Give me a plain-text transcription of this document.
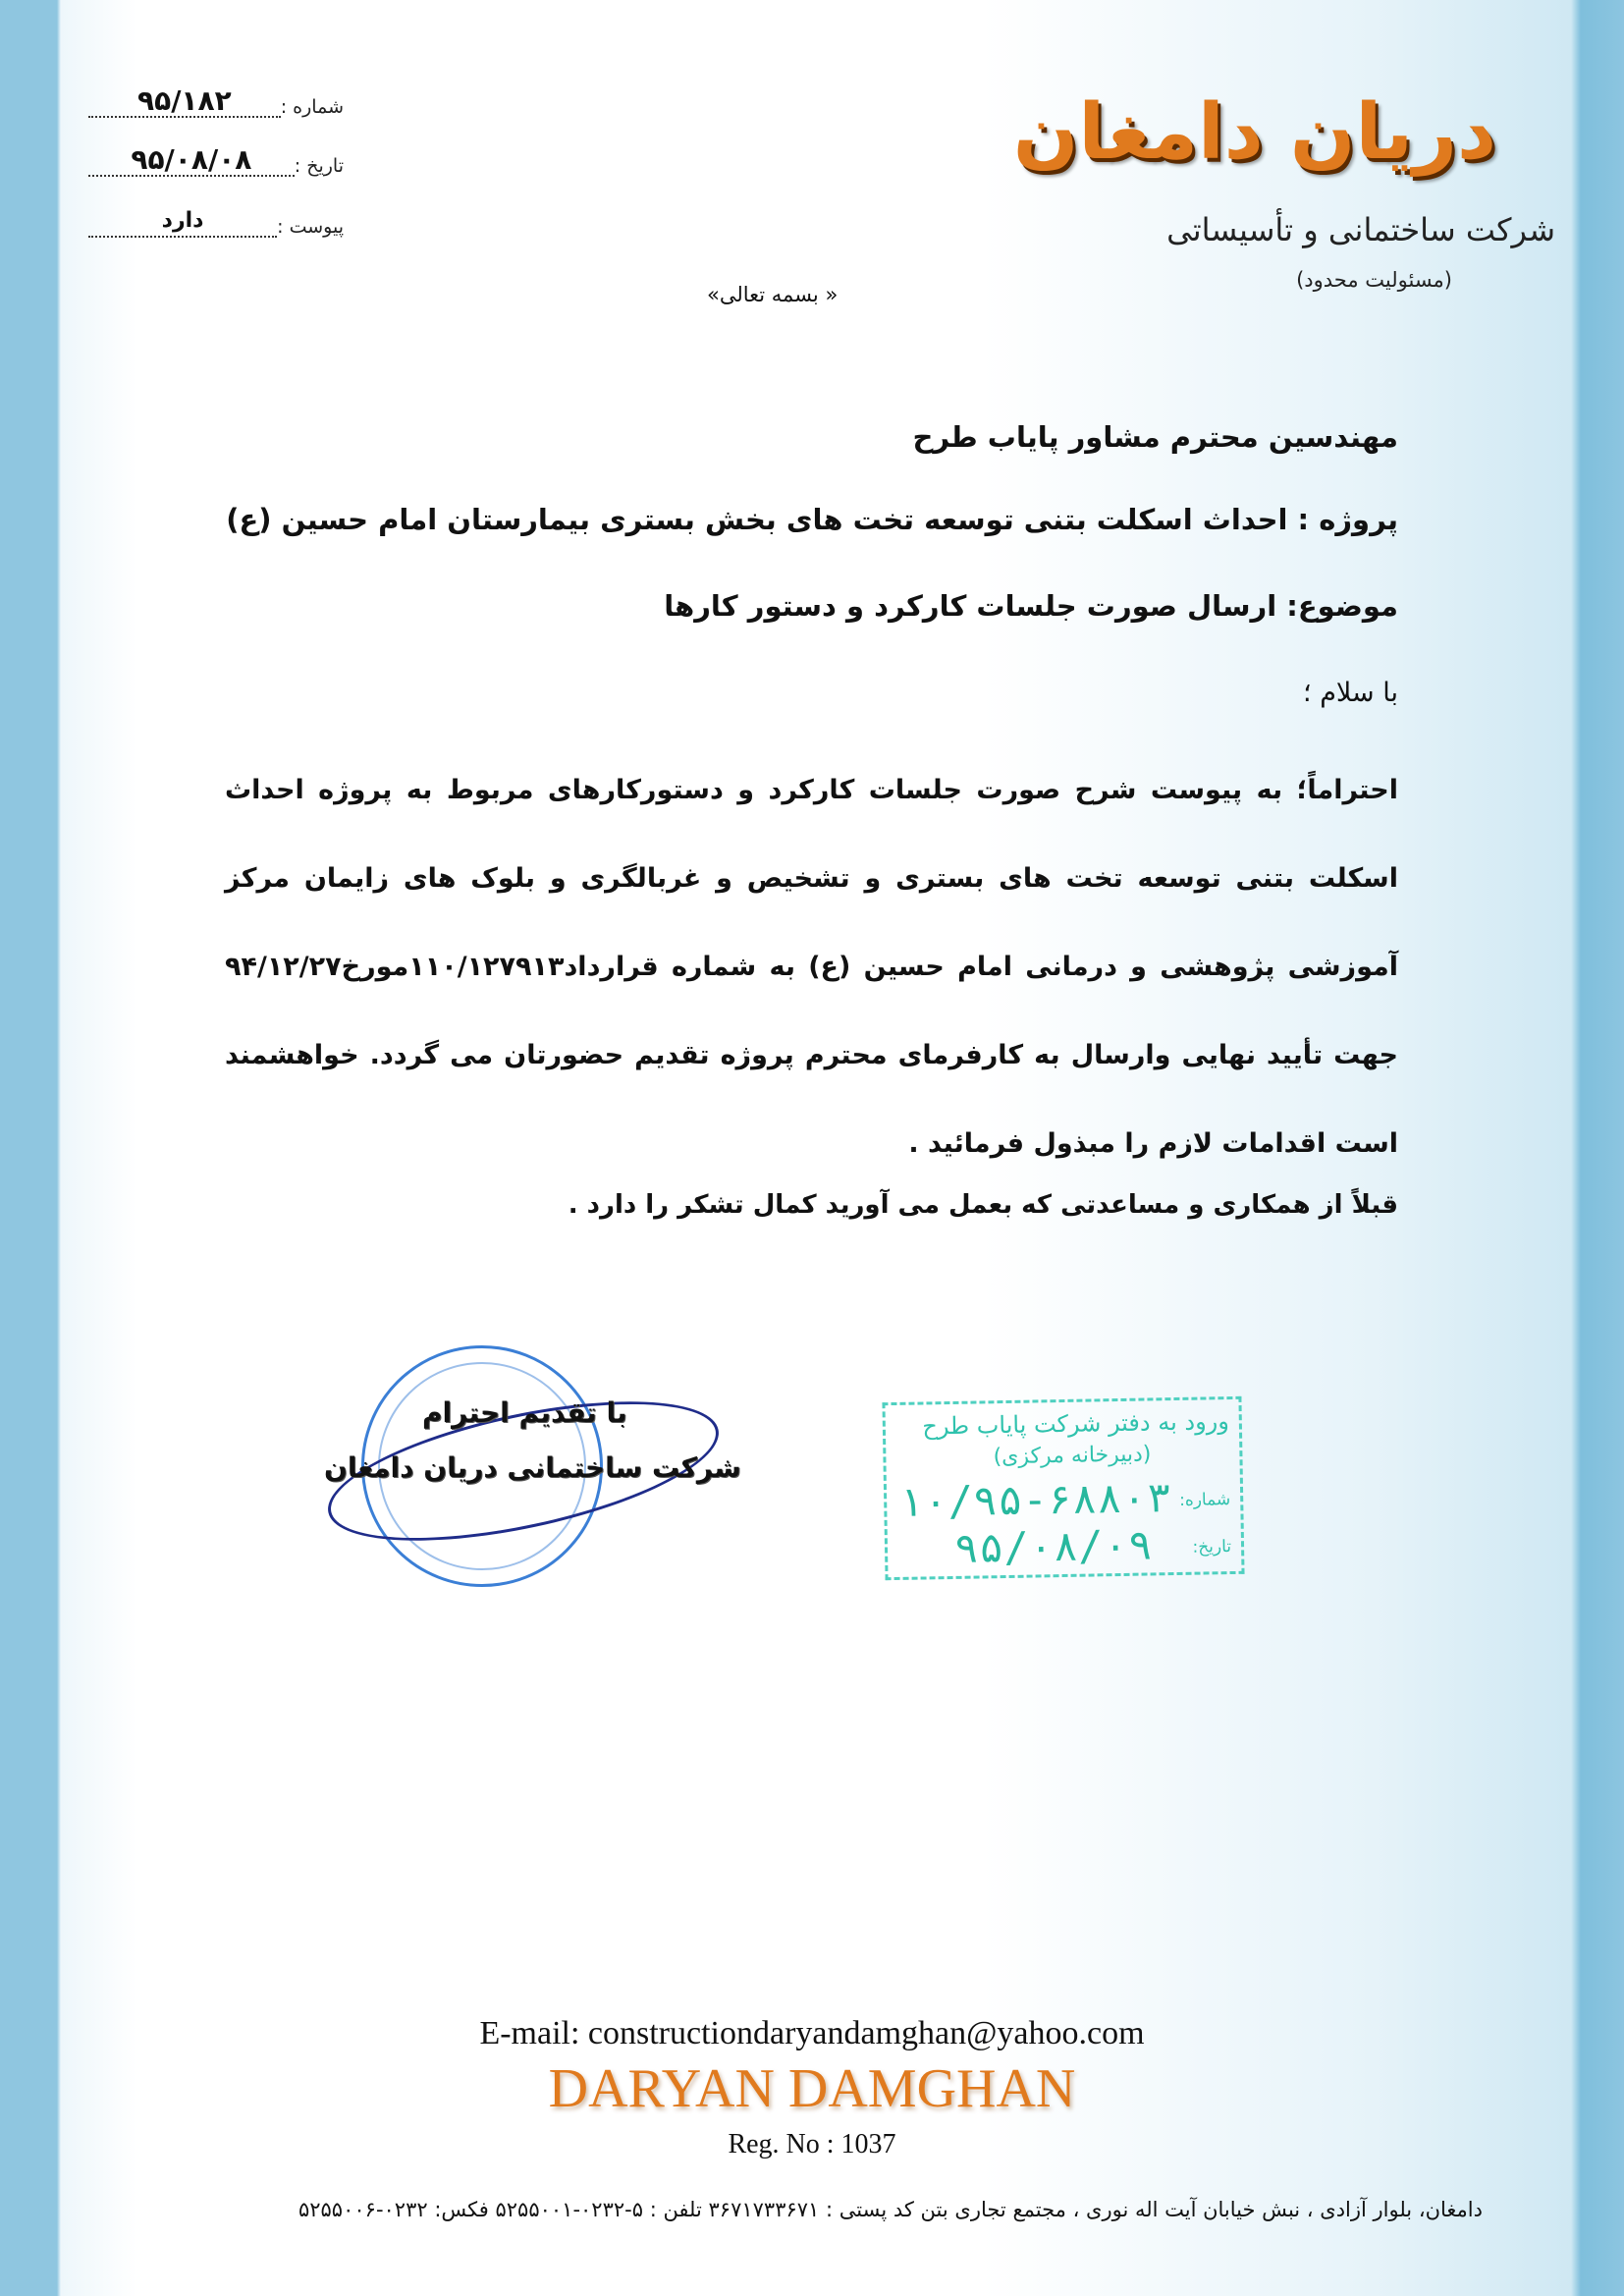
دریان دامغان
شرکت ساختمانی و تأسیساتی
(مسئولیت محدود)
شماره :
۹۵/۱۸۲
تاریخ :
۹۵/۰۸/۰۸
پیوست :
دارد
« بسمه تعالی»
مهندسین محترم مشاور پایاب طرح
پروژه : احداث اسکلت بتنی توسعه تخت های بخش بستری بیمارستان امام حسین (ع)
موضوع: ارسال صورت جلسات کارکرد و دستور کارها
با سلام ؛
احتراماً؛ به پیوست شرح صورت جلسات کارکرد و دستورکارهای مربوط به پروژه احداث
اسکلت بتنی توسعه تخت های بستری و تشخیص و غربالگری و بلوک های زایمان مرکز
آموزشی پژوهشی و درمانی امام حسین (ع) به شماره قرارداد۱۱۰/۱۲۷۹۱۳مورخ۹۴/۱۲/۲۷
جهت تأیید نهایی وارسال به کارفرمای محترم پروژه تقدیم حضورتان می گردد. خواهشمند
است اقدامات لازم را مبذول فرمائید .
قبلاً از همکاری و مساعدتی که بعمل می آورید کمال تشکر را دارد .
با تقدیم احترام
شرکت ساختمانی دریان دامغان
ورود به دفتر شرکت پایاب طرح
(دبیرخانه مرکزی)
شماره:
۱۰/۹۵-۶۸۸۰۳
تاریخ:
۹۵/۰۸/۰۹
E-mail: constructiondaryandamghan@yahoo.com
DARYAN DAMGHAN
Reg. No : 1037
دامغان، بلوار آزادی ، نبش خیابان آیت اله نوری ، مجتمع تجاری بتن کد پستی : ۳۶۷۱۷۳۳۶۷۱ تلفن : ۵-۰۲۳۲-۵۲۵۵۰۰۱ فکس: ۰۲۳۲-۵۲۵۵۰۰۶
